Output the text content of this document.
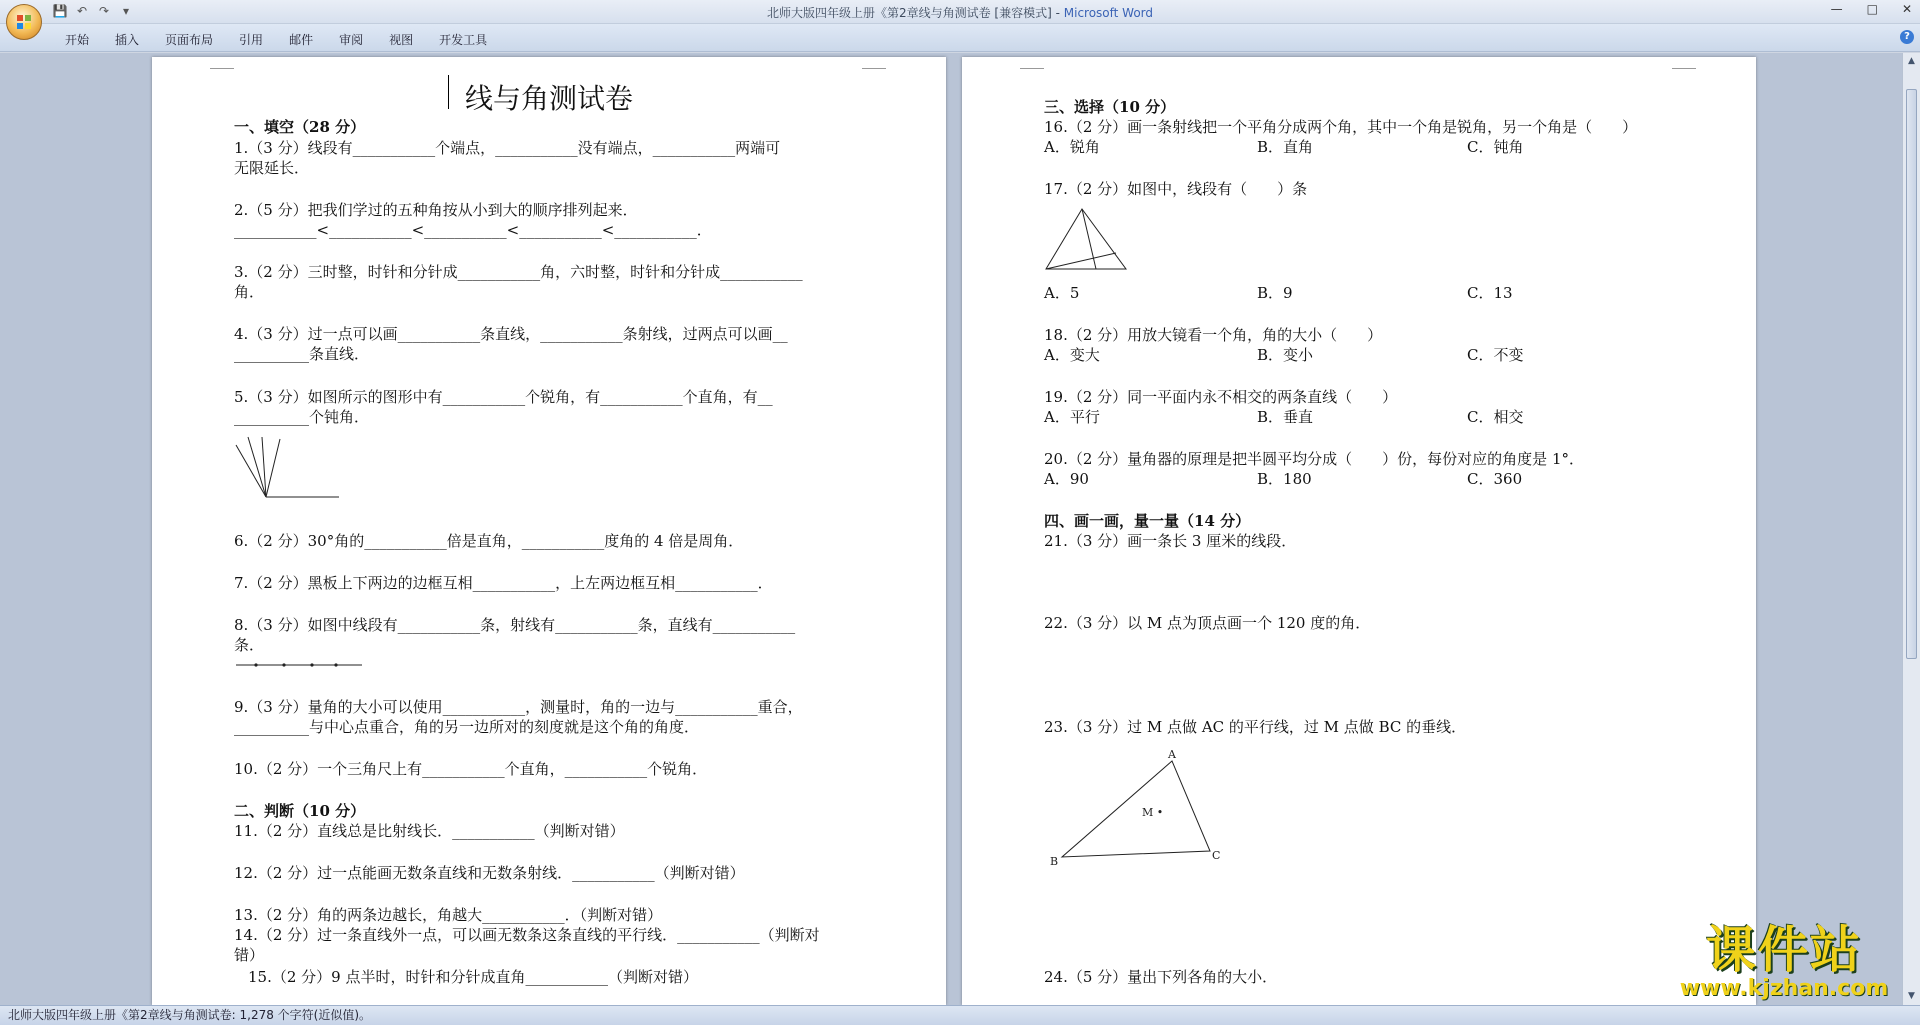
💾 ↶ ↷	▾	北师大版四年级上册《第2章线与角测试卷 [兼容模式] - Microsoft Word	— □ ✕
开始	插入	页面布局	引用	邮件	审阅	视图	开发工具	?
线与角测试卷
一、填空（28 分）
1.（3 分）线段有___________个端点，___________没有端点，___________两端可
无限延长．
2.（5 分）把我们学过的五种角按从小到大的顺序排列起来．
___________<___________<___________<___________<___________．
3.（2 分）三时整，时针和分针成___________角，六时整，时针和分针成___________
角．
4.（3 分）过一点可以画___________条直线，___________条射线，过两点可以画__
__________条直线．
5.（3 分）如图所示的图形中有___________个锐角，有___________个直角，有__
__________个钝角．
6.（2 分）30°角的___________倍是直角，___________度角的 4 倍是周角．
7.（2 分）黑板上下两边的边框互相___________，上左两边框互相___________．
8.（3 分）如图中线段有___________条，射线有___________条，直线有___________
条．
9.（3 分）量角的大小可以使用___________，测量时，角的一边与___________重合，
__________与中心点重合，角的另一边所对的刻度就是这个角的角度．
10.（2 分）一个三角尺上有___________个直角，___________个锐角．
二、判断（10 分）
11.（2 分）直线总是比射线长．___________（判断对错）
12.（2 分）过一点能画无数条直线和无数条射线．___________（判断对错）
13.（2 分）角的两条边越长，角越大___________．（判断对错）
14.（2 分）过一条直线外一点，可以画无数条这条直线的平行线．___________（判断对
错）
15.（2 分）9 点半时，时针和分针成直角___________（判断对错）
三、选择（10 分）
16.（2 分）画一条射线把一个平角分成两个角，其中一个角是锐角，另一个角是（　　）
A．锐角	B．直角	C．钝角
17.（2 分）如图中，线段有（　　）条
A．5	B．9	C．13
18.（2 分）用放大镜看一个角，角的大小（　　）
A．变大	B．变小	C．不变
19.（2 分）同一平面内永不相交的两条直线（　　）
A．平行	B．垂直	C．相交
20.（2 分）量角器的原理是把半圆平均分成（　　）份，每份对应的角度是 1°．
A．90	B．180	C．360
四、画一画，量一量（14 分）
21.（3 分）画一条长 3 厘米的线段．
22.（3 分）以 M 点为顶点画一个 120 度的角．
23.（3 分）过 M 点做 AC 的平行线，过 M 点做 BC 的垂线．
A
B	C
M •
24.（5 分）量出下列各角的大小．
▲
▼
北师大版四年级上册《第2章线与角测试卷: 1,278 个字符(近似值)。
课件站
www.kjzhan.com
